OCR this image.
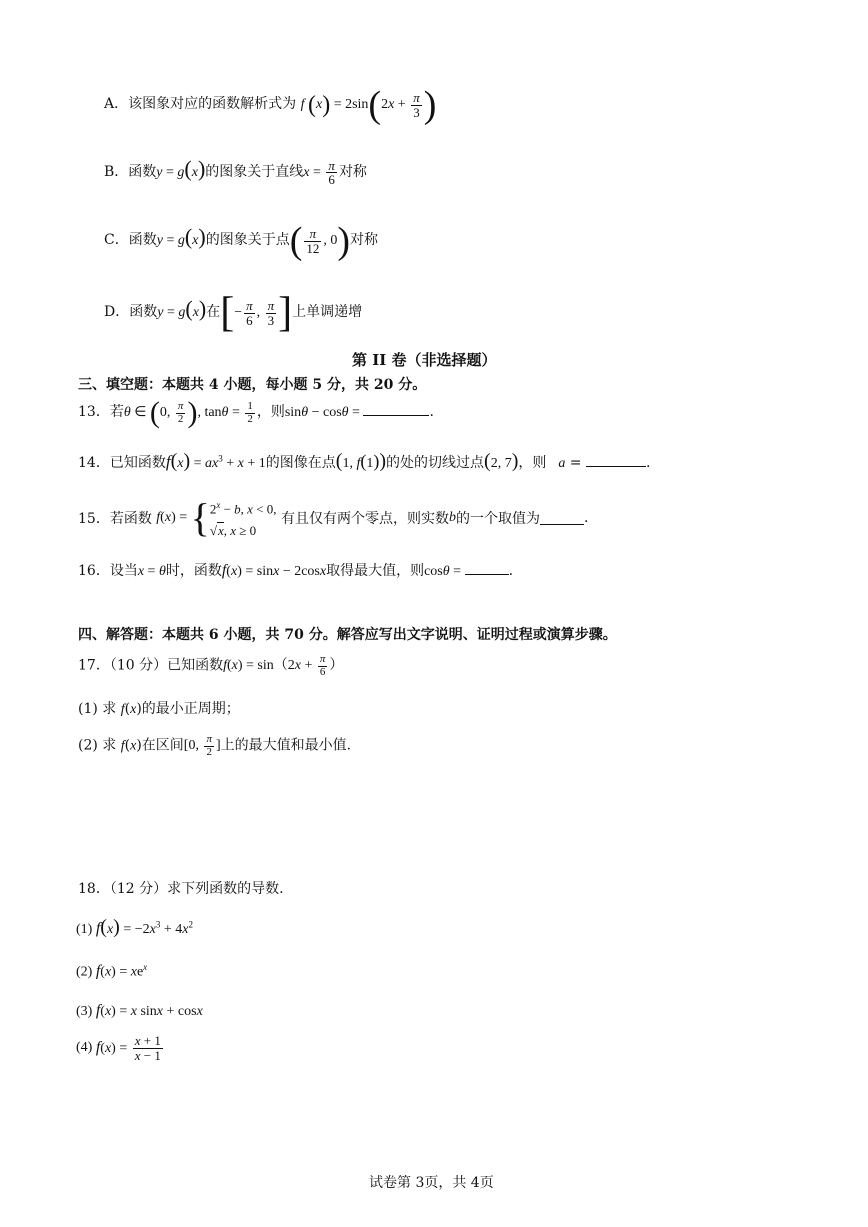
A．该图象对应的函数解析式为 f $(x) = 2\sin(2x + \frac{\pi}{3}$ )
B．函数y = g(x)的图象关于直线$x = \frac{\pi}{6}$ 对称
C．函数y = g(x)的图象关于点( $\frac{\pi}{12}$ , 0)对称
D．函数y = g(x)在[− $\frac{\pi}{6}$ , $\frac{\pi}{3}$ ]上单调递增
第 II 卷（非选择题）
三、填空题：本题共 4 小题，每小题 5 分，共 20 分。
13．若θ ∈ (0, $\frac{\pi}{2}$ ), $\tan\theta = \frac{1}{2}$ ，则sinθ − cosθ =	.
14．已知函数$f(x) = ax^3 + x + 1$的图像在点(1, f(1))的处的切线过点(2, 7)，则 a =	.
15．若函数 f(x) = { $2^x - b$, x < 0,
√x, x ≥ 0
有且仅有两个零点，则实数b的一个取值为	.
16．设当x = θ时，函数f(x) = sinx − 2cosx取得最大值，则cosθ =	.
四、解答题：本题共 6 小题，共 70 分。解答应写出文字说明、证明过程或演算步骤。
17．（10 分）已知函数$f(x) = \sin(2x + \frac{\pi}{6}$ ）
(1) 求 f(x)的最小正周期；
(2) 求 f(x)在区间[0, $\frac{\pi}{2}$ ]上的最大值和最小值.
18．（12 分）求下列函数的导数.
(1) $f(x) = -2x^3 + 4x^2$
(2) $f(x) = xe^x$
(3) f(x) = x sinx + cosx
(4) $f(x) = \frac{x + 1}{x - 1}$
试卷第 3页，共 4页
